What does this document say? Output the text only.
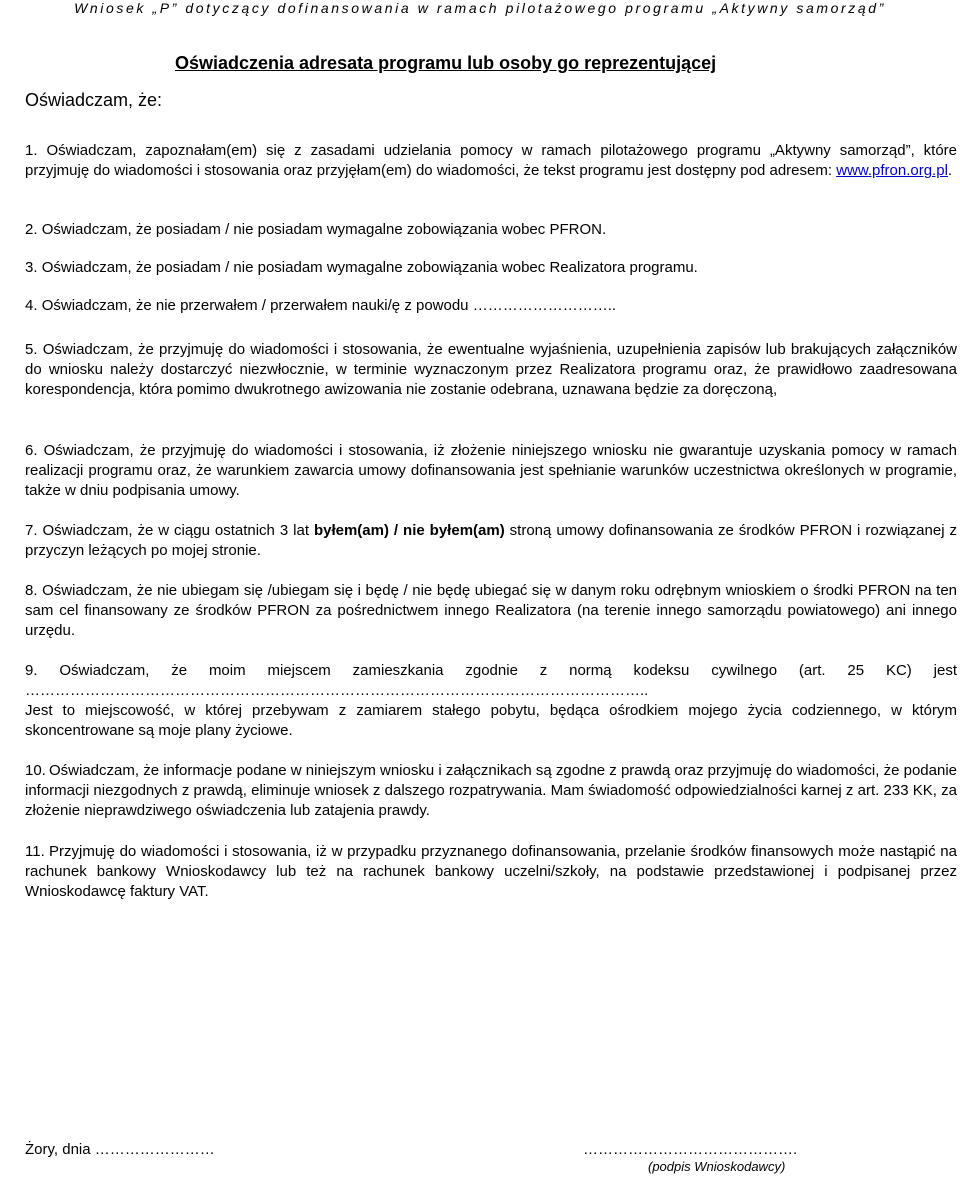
Wniosek „P” dotyczący dofinansowania w ramach pilotażowego programu „Aktywny samorząd”
Oświadczenia adresata programu lub osoby go reprezentującej
Oświadczam, że:
1. Oświadczam, zapoznałam(em) się z zasadami udzielania pomocy w ramach pilotażowego programu „Aktywny samorząd”, które przyjmuję do wiadomości i stosowania oraz przyjęłam(em) do wiadomości, że tekst programu jest dostępny pod adresem: www.pfron.org.pl.
2. Oświadczam, że posiadam / nie posiadam wymagalne zobowiązania wobec PFRON.
3. Oświadczam, że posiadam / nie posiadam wymagalne zobowiązania wobec Realizatora programu.
4. Oświadczam, że nie przerwałem / przerwałem nauki/ę z powodu ………………………..
5. Oświadczam, że przyjmuję do wiadomości i stosowania, że ewentualne wyjaśnienia, uzupełnienia zapisów lub brakujących załączników do wniosku należy dostarczyć niezwłocznie, w terminie wyznaczonym przez Realizatora programu oraz, że prawidłowo zaadresowana korespondencja, która pomimo dwukrotnego awizowania nie zostanie odebrana, uznawana będzie za doręczoną,
6. Oświadczam, że przyjmuję do wiadomości i stosowania, iż złożenie niniejszego wniosku nie gwarantuje uzyskania pomocy w ramach realizacji programu oraz, że warunkiem zawarcia umowy dofinansowania jest spełnianie warunków uczestnictwa określonych w programie, także w dniu podpisania umowy.
7. Oświadczam, że w ciągu ostatnich 3 lat byłem(am) / nie byłem(am) stroną umowy dofinansowania ze środków PFRON i rozwiązanej z przyczyn leżących po mojej stronie.
8. Oświadczam, że nie ubiegam się /ubiegam się i będę / nie będę ubiegać się w danym roku odrębnym wnioskiem o środki PFRON na ten sam cel finansowany ze środków PFRON za pośrednictwem innego Realizatora (na terenie innego samorządu powiatowego) ani innego urzędu.
9. Oświadczam, że moim miejscem zamieszkania zgodnie z normą kodeksu cywilnego (art. 25 KC) jest
……………………………………………………………………………………………………………..
Jest to miejscowość, w której przebywam z zamiarem stałego pobytu, będąca ośrodkiem mojego życia codziennego, w którym skoncentrowane są moje plany życiowe.
10. Oświadczam, że informacje podane w niniejszym wniosku i załącznikach są zgodne z prawdą oraz przyjmuję do wiadomości, że podanie informacji niezgodnych z prawdą, eliminuje wniosek z dalszego rozpatrywania. Mam świadomość odpowiedzialności karnej z art. 233 KK, za złożenie nieprawdziwego oświadczenia lub zatajenia prawdy.
11. Przyjmuję do wiadomości i stosowania, iż w przypadku przyznanego dofinansowania, przelanie środków finansowych może nastąpić na rachunek bankowy Wnioskodawcy lub też na rachunek bankowy uczelni/szkoły, na podstawie przedstawionej i podpisanej przez Wnioskodawcę faktury VAT.
Żory, dnia ……………………	…………………………………….
(podpis Wnioskodawcy)
